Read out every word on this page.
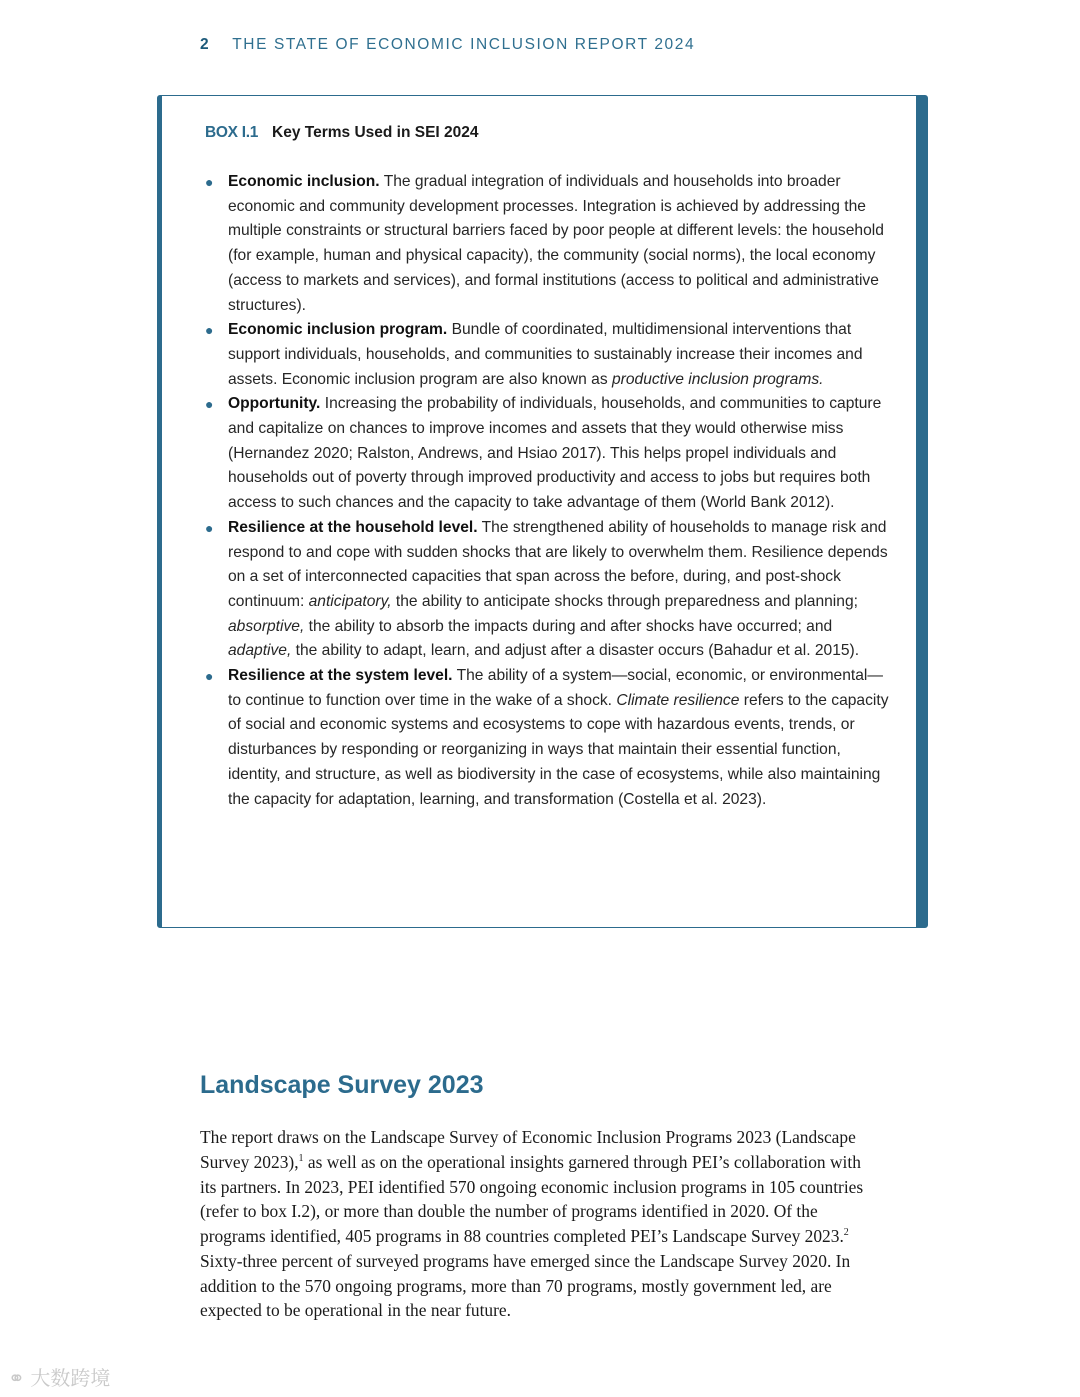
2 THE STATE OF ECONOMIC INCLUSION REPORT 2024
BOX I.1 Key Terms Used in SEI 2024
● Economic inclusion. The gradual integration of individuals and households into broader economic and community development processes. Integration is achieved by addressing the multiple constraints or structural barriers faced by poor people at different levels: the household (for example, human and physical capacity), the community (social norms), the local economy (access to markets and services), and formal institutions (access to political and administrative structures).
● Economic inclusion program. Bundle of coordinated, multidimensional interventions that support individuals, households, and communities to sustainably increase their incomes and assets. Economic inclusion program are also known as productive inclusion programs.
● Opportunity. Increasing the probability of individuals, households, and communities to capture and capitalize on chances to improve incomes and assets that they would otherwise miss (Hernandez 2020; Ralston, Andrews, and Hsiao 2017). This helps propel individuals and households out of poverty through improved productivity and access to jobs but requires both access to such chances and the capacity to take advantage of them (World Bank 2012).
● Resilience at the household level. The strengthened ability of households to manage risk and respond to and cope with sudden shocks that are likely to overwhelm them. Resilience depends on a set of interconnected capacities that span across the before, during, and post-shock continuum: anticipatory, the ability to anticipate shocks through preparedness and planning; absorptive, the ability to absorb the impacts during and after shocks have occurred; and adaptive, the ability to adapt, learn, and adjust after a disaster occurs (Bahadur et al. 2015).
● Resilience at the system level. The ability of a system—social, economic, or environmental—to continue to function over time in the wake of a shock. Climate resilience refers to the capacity of social and economic systems and ecosystems to cope with hazardous events, trends, or disturbances by responding or reorganizing in ways that maintain their essential function, identity, and structure, as well as biodiversity in the case of ecosystems, while also maintaining the capacity for adaptation, learning, and transformation (Costella et al. 2023).
Landscape Survey 2023

The report draws on the Landscape Survey of Economic Inclusion Programs 2023 (Landscape Survey 2023),$^1$ as well as on the operational insights garnered through PEI’s collaboration with its partners. In 2023, PEI identified 570 ongoing economic inclusion programs in 105 countries (refer to box I.2), or more than double the number of programs identified in 2020. Of the programs identified, 405 programs in 88 countries completed PEI’s Landscape Survey 2023.$^2$ Sixty-three percent of surveyed programs have emerged since the Landscape Survey 2020. In addition to the 570 ongoing programs, more than 70 programs, mostly government led, are expected to be operational in the near future.

⚭ 大数跨境
